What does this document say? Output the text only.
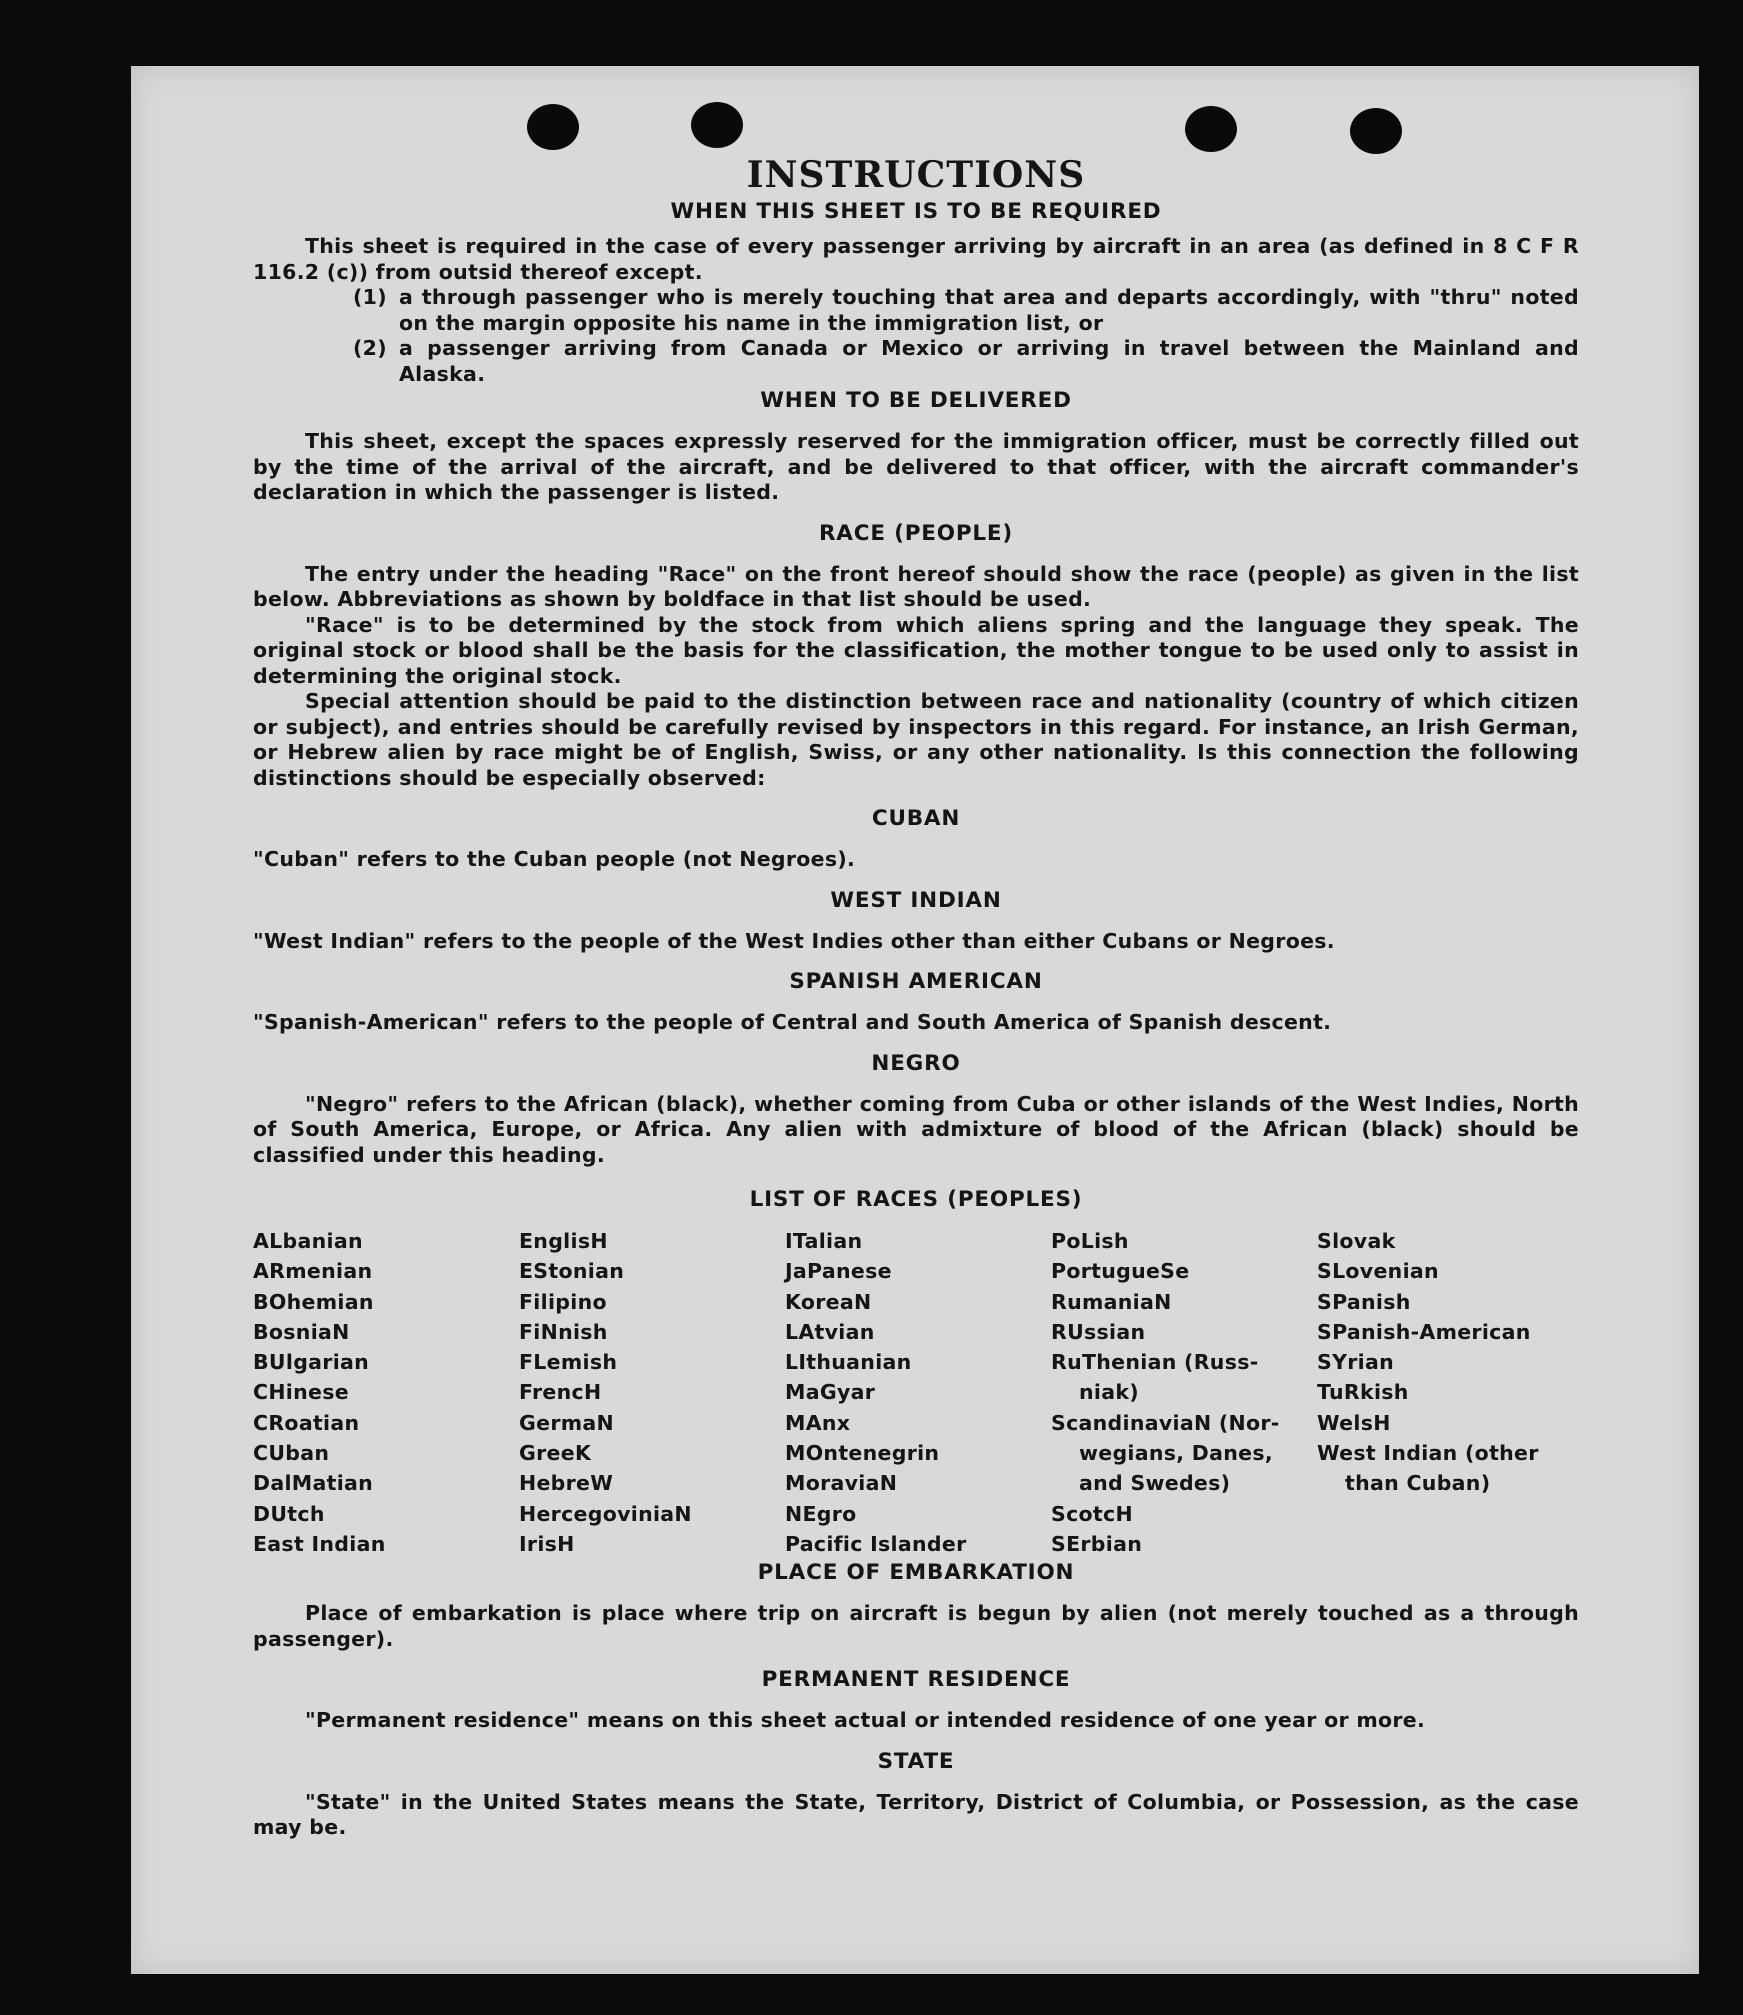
INSTRUCTIONS
WHEN THIS SHEET IS TO BE REQUIRED

This sheet is required in the case of every passenger arriving by aircraft in an area (as defined in 8 C F R 116.2 (c)) from outsid thereof except.

(1) a through passenger who is merely touching that area and departs accordingly, with "thru" noted on the margin opposite his name in the immigration list, or
(2) a passenger arriving from Canada or Mexico or arriving in travel between the Mainland and Alaska.
WHEN TO BE DELIVERED

This sheet, except the spaces expressly reserved for the immigration officer, must be correctly filled out by the time of the arrival of the aircraft, and be delivered to that officer, with the aircraft commander's declaration in which the passenger is listed.

RACE (PEOPLE)

The entry under the heading "Race" on the front hereof should show the race (people) as given in the list below. Abbreviations as shown by boldface in that list should be used.

"Race" is to be determined by the stock from which aliens spring and the language they speak. The original stock or blood shall be the basis for the classification, the mother tongue to be used only to assist in determining the original stock.

Special attention should be paid to the distinction between race and nationality (country of which citizen or subject), and entries should be carefully revised by inspectors in this regard. For instance, an Irish German, or Hebrew alien by race might be of English, Swiss, or any other nationality. Is this connection the following distinctions should be especially observed:

CUBAN

"Cuban" refers to the Cuban people (not Negroes).

WEST INDIAN

"West Indian" refers to the people of the West Indies other than either Cubans or Negroes.

SPANISH AMERICAN

"Spanish-American" refers to the people of Central and South America of Spanish descent.

NEGRO

"Negro" refers to the African (black), whether coming from Cuba or other islands of the West Indies, North of South America, Europe, or Africa. Any alien with admixture of blood of the African (black) should be classified under this heading.

LIST OF RACES (PEOPLES)
ALbanian
ARmenian
BOhemian
BosniaN
BUlgarian
CHinese
CRoatian
CUban
DalMatian
DUtch
East Indian
EnglisH
EStonian
Filipino
FiNnish
FLemish
FrencH
GermaN
GreeK
HebreW
HercegoviniaN
IrisH
ITalian
JaPanese
KoreaN
LAtvian
LIthuanian
MaGyar
MAnx
MOntenegrin
MoraviaN
NEgro
Pacific Islander
PoLish
PortugueSe
RumaniaN
RUssian
RuThenian (Russ-
niak)
ScandinaviaN (Nor-
wegians, Danes,
and Swedes)
ScotcH
SErbian
Slovak
SLovenian
SPanish
SPanish-American
SYrian
TuRkish
WelsH
West Indian (other
than Cuban)
PLACE OF EMBARKATION

Place of embarkation is place where trip on aircraft is begun by alien (not merely touched as a through passenger).

PERMANENT RESIDENCE

"Permanent residence" means on this sheet actual or intended residence of one year or more.

STATE

"State" in the United States means the State, Territory, District of Columbia, or Possession, as the case may be.
